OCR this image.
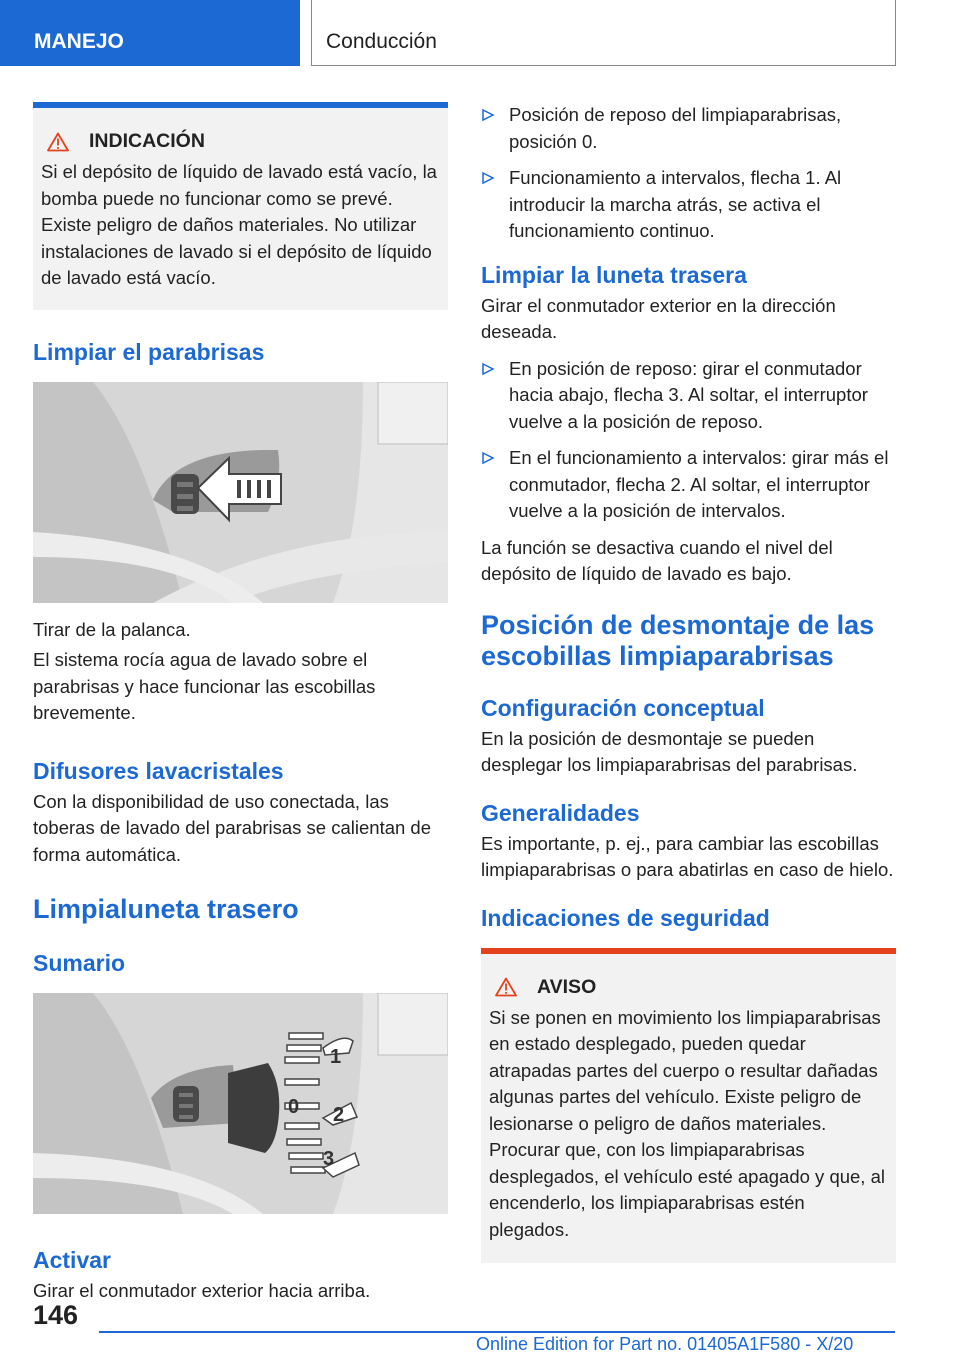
MANEJO	Conducción
INDICACIÓN

Si el depósito de líquido de lavado está vacío, la bomba puede no funcionar como se prevé. Existe peligro de daños materiales. No utilizar instalaciones de lavado si el depósito de líquido de lavado está vacío.

Limpiar el parabrisas

Tirar de la palanca.

El sistema rocía agua de lavado sobre el parabrisas y hace funcionar las escobillas brevemente.

Difusores lavacristales

Con la disponibilidad de uso conectada, las toberas de lavado del parabrisas se calientan de forma automática.

Limpialuneta trasero
Sumario
1
0 2
3
Activar

Girar el conmutador exterior hacia arriba.

Posición de reposo del limpiaparabrisas, posición 0.
Funcionamiento a intervalos, flecha 1. Al introducir la marcha atrás, se activa el funcionamiento continuo.
Limpiar la luneta trasera

Girar el conmutador exterior en la dirección deseada.

En posición de reposo: girar el conmutador hacia abajo, flecha 3. Al soltar, el interruptor vuelve a la posición de reposo.
En el funcionamiento a intervalos: girar más el conmutador, flecha 2. Al soltar, el interruptor vuelve a la posición de intervalos.

La función se desactiva cuando el nivel del depósito de líquido de lavado es bajo.

Posición de desmontaje de las escobillas limpiaparabrisas
Configuración conceptual

En la posición de desmontaje se pueden desplegar los limpiaparabrisas del parabrisas.

Generalidades

Es importante, p. ej., para cambiar las escobillas limpiaparabrisas o para abatirlas en caso de hielo.

Indicaciones de seguridad
AVISO

Si se ponen en movimiento los limpiaparabrisas en estado desplegado, pueden quedar atrapadas partes del cuerpo o resultar dañadas algunas partes del vehículo. Existe peligro de lesionarse o peligro de daños materiales. Procurar que, con los limpiaparabrisas desplegados, el vehículo esté apagado y que, al encenderlo, los limpiaparabrisas estén plegados.

146
Online Edition for Part no. 01405A1F580 - X/20
